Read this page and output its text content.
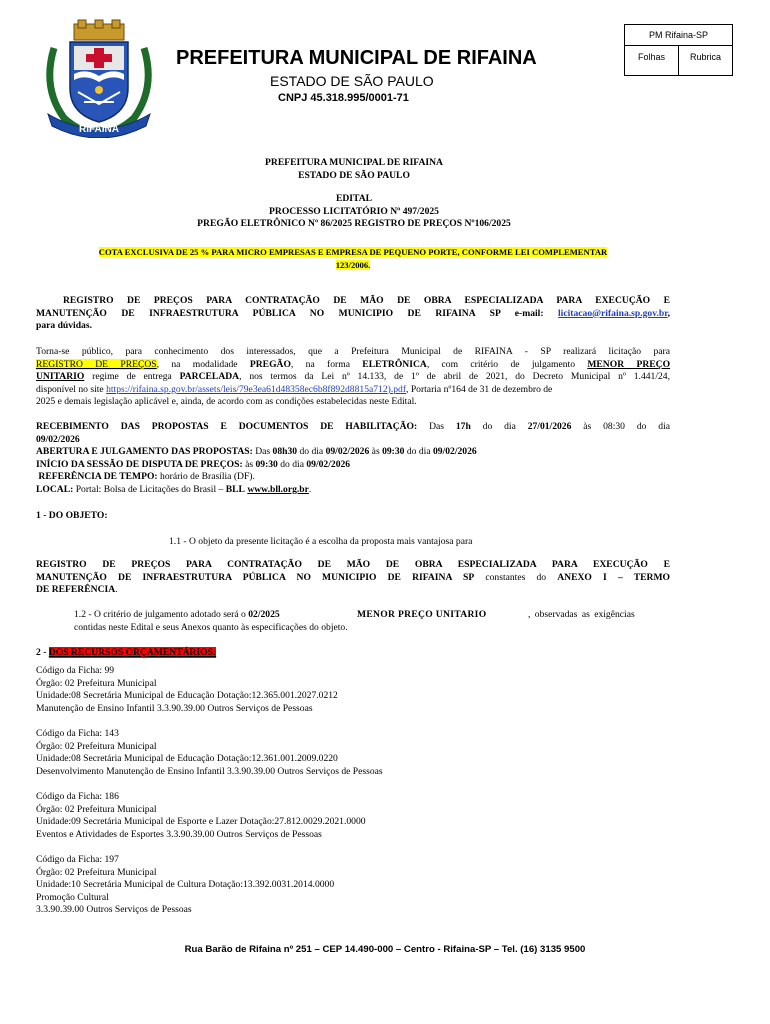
RIFAINA
PM Rifaina-SP
Folhas	Rubrica
PREFEITURA MUNICIPAL DE RIFAINA
ESTADO DE SÃO PAULO
CNPJ 45.318.995/0001-71
PREFEITURA MUNICIPAL DE RIFAINA
ESTADO DE SÃO PAULO
EDITAL
PROCESSO LICITATÓRIO Nº 497/2025
PREGÃO ELETRÔNICO Nº 86/2025 REGISTRO DE PREÇOS Nº106/2025
COTA EXCLUSIVA DE 25 % PARA MICRO EMPRESAS E EMPRESA DE PEQUENO PORTE, CONFORME LEI COMPLEMENTAR
123/2006.
REGISTRO DE PREÇOS PARA CONTRATAÇÃO DE MÃO DE OBRA ESPECIALIZADA PARA EXECUÇÃO E
MANUTENÇÃO DE INFRAESTRUTURA PÚBLICA NO MUNICIPIO DE RIFAINA SP e-mail: licitacao@rifaina.sp.gov.br,
para dúvidas.
Torna-se público, para conhecimento dos interessados, que a Prefeitura Municipal de RIFAINA - SP realizará licitação para
REGISTRO DE PREÇOS, na modalidade PREGÃO, na forma ELETRÔNICA, com critério de julgamento MENOR PREÇO
UNITARIO regime de entrega PARCELADA, nos termos da Lei nº 14.133, de 1º de abril de 2021, do Decreto Municipal nº 1.441/24,
disponível no site https://rifaina.sp.gov.br/assets/leis/79e3ea61d48358ec6b8f892d8815a712).pdf, Portaria nº164 de 31 de dezembro de
2025 e demais legislação aplicável e, ainda, de acordo com as condições estabelecidas neste Edital.
RECEBIMENTO DAS PROPOSTAS E DOCUMENTOS DE HABILITAÇÃO: Das 17h do dia 27/01/2026 às 08:30 do dia
09/02/2026
ABERTURA E JULGAMENTO DAS PROPOSTAS: Das 08h30 do dia 09/02/2026 às 09:30 do dia 09/02/2026
INÍCIO DA SESSÃO DE DISPUTA DE PREÇOS: às 09:30 do dia 09/02/2026
REFERÊNCIA DE TEMPO: horário de Brasília (DF).
LOCAL: Portal: Bolsa de Licitações do Brasil – BLL www.bll.org.br.
1 - DO OBJETO:
1.1 - O objeto da presente licitação é a escolha da proposta mais vantajosa para
REGISTRO DE PREÇOS PARA CONTRATAÇÃO DE MÃO DE OBRA ESPECIALIZADA PARA EXECUÇÃO E
MANUTENÇÃO DE INFRAESTRUTURA PÚBLICA NO MUNICIPIO DE RIFAINA SP constantes do ANEXO I – TERMO
DE REFERÊNCIA.
1.2 - O critério de julgamento adotado será o 02/2025	MENOR PREÇO UNITARIO	, observadas as exigências
contidas neste Edital e seus Anexos quanto às especificações do objeto.
2 - DOS RECURSOS ORÇAMENTÁRIOS:
Código da Ficha: 99
Órgão: 02 Prefeitura Municipal
Unidade:08 Secretária Municipal de Educação Dotação:12.365.001.2027.0212
Manutenção de Ensino Infantil 3.3.90.39.00 Outros Serviços de Pessoas
Código da Ficha: 143
Órgão: 02 Prefeitura Municipal
Unidade:08 Secretária Municipal de Educação Dotação:12.361.001.2009.0220
Desenvolvimento Manutenção de Ensino Infantil 3.3.90.39.00 Outros Serviços de Pessoas
Código da Ficha: 186
Órgão: 02 Prefeitura Municipal
Unidade:09 Secretária Municipal de Esporte e Lazer Dotação:27.812.0029.2021.0000
Eventos e Atividades de Esportes 3.3.90.39.00 Outros Serviços de Pessoas
Código da Ficha: 197
Órgão: 02 Prefeitura Municipal
Unidade:10 Secretária Municipal de Cultura Dotação:13.392.0031.2014.0000
Promoção Cultural
3.3.90.39.00 Outros Serviços de Pessoas
Rua Barão de Rifaina nº 251 – CEP 14.490-000 – Centro - Rifaina-SP – Tel. (16) 3135 9500
